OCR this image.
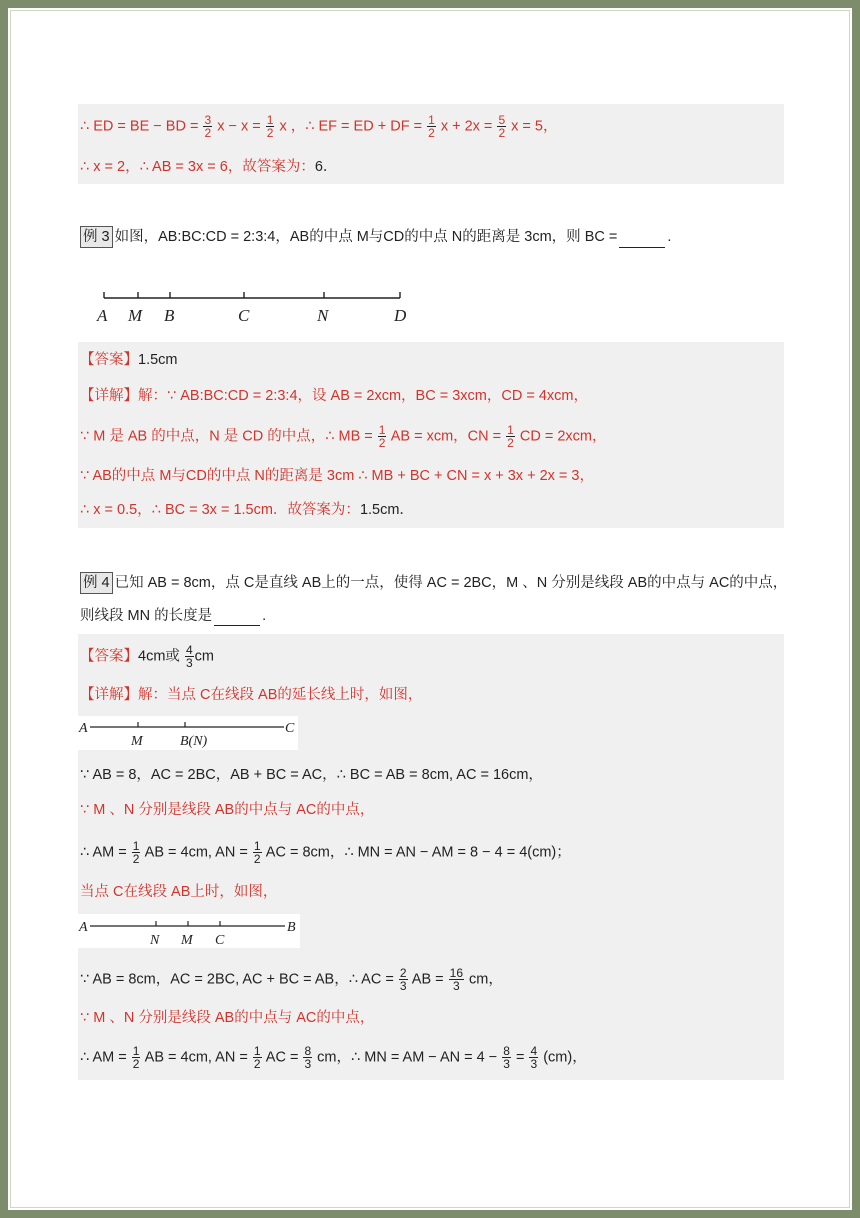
∴ ED = BE − BD = $\frac{3}{2}$ $x - x = \frac{1}{2}$ x ，∴ EF = ED + DF = $\frac{1}{2}$ $x + 2x = \frac{5}{2}$ x = 5，
∴ x = 2，∴ AB = 3x = 6，故答案为：6．
例 3 如图，AB:BC:CD = 2:3:4，AB的中点 M与CD的中点 N的距离是 3cm，则 BC =	.
A M B	C	N	D
【答案】1.5cm
【详解】解：∵ AB:BC:CD = 2:3:4，设 AB = 2xcm，BC = 3xcm，CD = 4xcm，
∵ M 是 AB 的中点，N 是 CD 的中点，∴ MB = $\frac{1}{2}$ AB = xcm，CN = $\frac{1}{2}$ CD = 2xcm，
∵ AB的中点 M与CD的中点 N的距离是 3cm ∴ MB + BC + CN = x + 3x + 2x = 3，
∴ x = 0.5，∴ BC = 3x = 1.5cm．故答案为：1.5cm．
例 4 已知 AB = 8cm，点 C是直线 AB上的一点，使得 AC = 2BC，M 、N 分别是线段 AB的中点与 AC的中点，
则线段 MN 的长度是	.
【答案】4cm或 $\frac{4}{3}$ cm
【详解】解：当点 C在线段 AB的延长线上时，如图，
A
M	B(N)
C
∵ AB = 8，AC = 2BC，AB + BC = AC，∴ BC = AB = 8cm, AC = 16cm，
∵ M 、N 分别是线段 AB的中点与 AC的中点，
∴ AM = $\frac{1}{2}$ AB = 4cm, AN = $\frac{1}{2}$ AC = 8cm，∴ MN = AN − AM = 8 − 4 = 4(cm)；
当点 C在线段 AB上时，如图，
A
N M C
B
∵ AB = 8cm，AC = 2BC, AC + BC = AB，∴ AC = $\frac{2}{3}$ AB = $\frac{16}{3}$ cm，
∵ M 、N 分别是线段 AB的中点与 AC的中点，
∴ AM = $\frac{1}{2}$ AB = 4cm, AN = $\frac{1}{2}$ AC = $\frac{8}{3}$ cm，∴ MN = AM − AN = $4 - \frac{8}{3} = \frac{4}{3} (cm)$，
